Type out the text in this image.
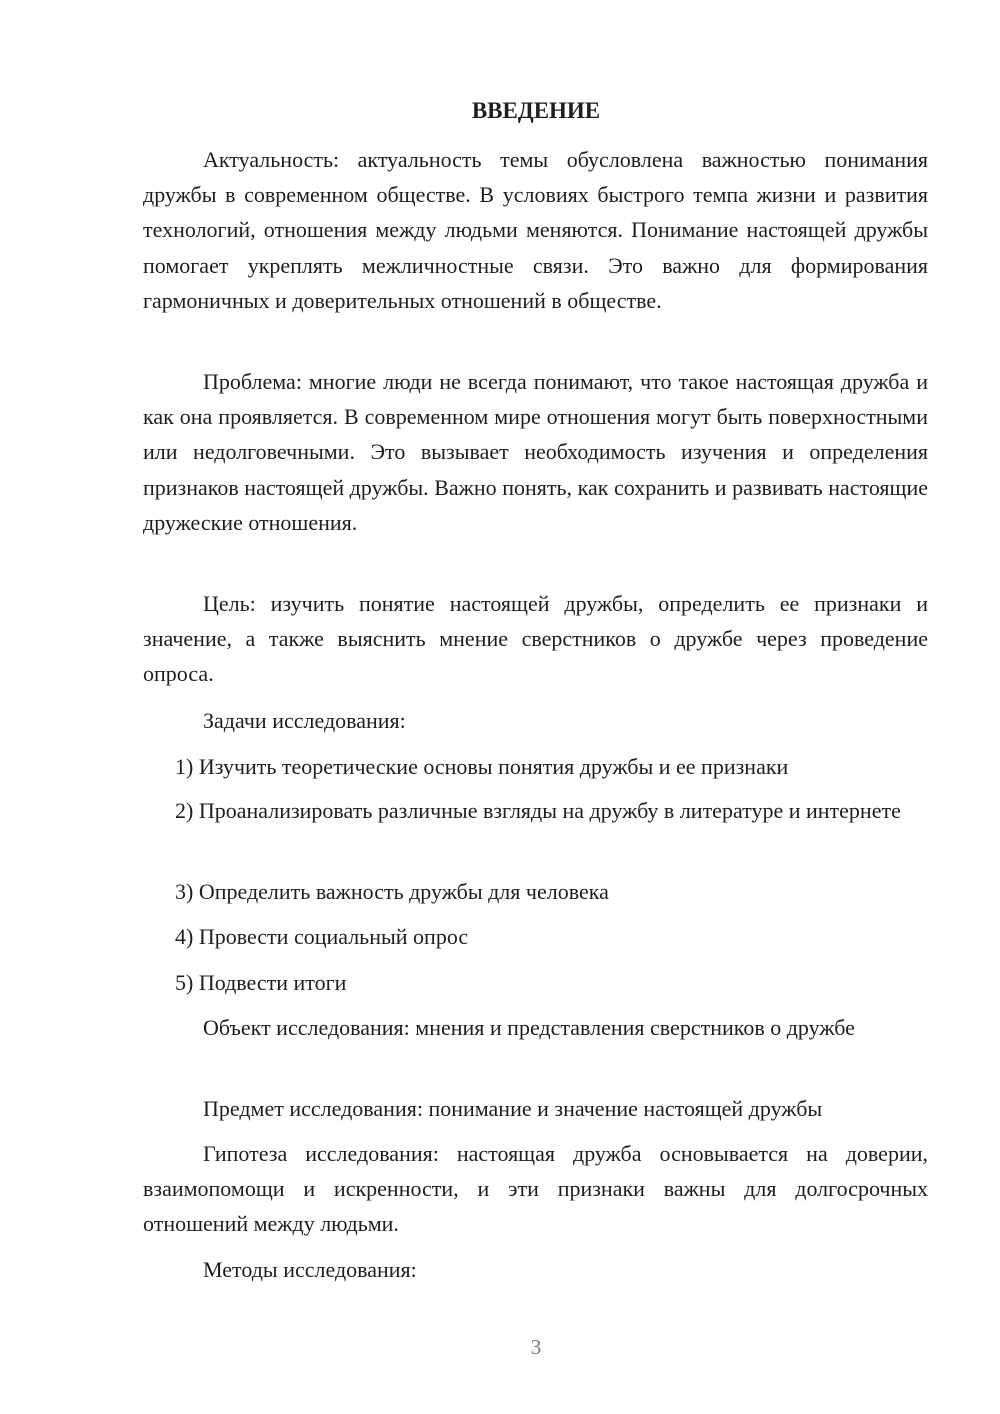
ВВЕДЕНИЕ

Актуальность: актуальность темы обусловлена важностью понимания дружбы в современном обществе. В условиях быстрого темпа жизни и развития технологий, отношения между людьми меняются. Понимание настоящей дружбы помогает укреплять межличностные связи. Это важно для формирования гармоничных и доверительных отношений в обществе.

Проблема: многие люди не всегда понимают, что такое настоящая дружба и как она проявляется. В современном мире отношения могут быть поверхностными или недолговечными. Это вызывает необходимость изучения и определения признаков настоящей дружбы. Важно понять, как сохранить и развивать настоящие дружеские отношения.

Цель: изучить понятие настоящей дружбы, определить ее признаки и значение, а также выяснить мнение сверстников о дружбе через проведение опроса.

Задачи исследования:

1) Изучить теоретические основы понятия дружбы и ее признаки

2) Проанализировать различные взгляды на дружбу в литературе и интернете

3) Определить важность дружбы для человека

4) Провести социальный опрос

5) Подвести итоги

Объект исследования: мнения и представления сверстников о дружбе

Предмет исследования: понимание и значение настоящей дружбы

Гипотеза исследования: настоящая дружба основывается на доверии, взаимопомощи и искренности, и эти признаки важны для долгосрочных отношений между людьми.

Методы исследования:

3
